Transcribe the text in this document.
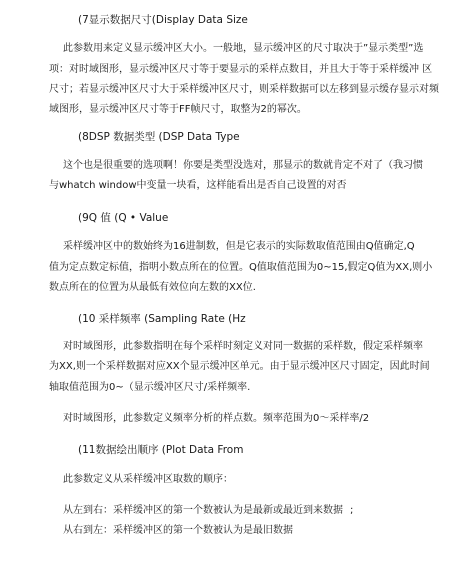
(7显示数据尺寸(Display Data Size
此参数用来定义显示缓冲区大小。一般地，显示缓冲区的尺寸取决于”显示类型”选
项：对时域图形，显示缓冲区尺寸等于要显示的采样点数目，并且大于等于采样缓冲 区
尺寸；若显示缓冲区尺寸大于采样缓冲区尺寸，则采样数据可以左移到显示缓存显示对频
域图形，显示缓冲区尺寸等于FF帧尺寸，取整为2的幂次。
(8DSP 数据类型 (DSP Data Type
这个也是很重要的选项啊！你要是类型没选对，那显示的数就肯定不对了（我习惯
与whatch window中变量一块看，这样能看出是否自己设置的对否
(9Q 值 (Q • Value
采样缓冲区中的数始终为16进制数，但是它表示的实际数取值范围由Q值确定,Q
值为定点数定标值，指明小数点所在的位置。Q值取值范围为0~15,假定Q值为XX,则小
数点所在的位置为从最低有效位向左数的XX位.
(10 采样频率 (Sampling Rate (Hz
对时域图形，此参数指明在每个采样时刻定义对同一数据的采样数，假定采样频率
为XX,则一个采样数据对应XX个显示缓冲区单元。由于显示缓冲区尺寸固定，因此时间
轴取值范围为0~（显示缓冲区尺寸/采样频率.
对时域图形，此参数定义频率分析的样点数。频率范围为0～采样率/2
(11数据绘出顺序 (Plot Data From
此参数定义从采样缓冲区取数的顺序：
从左到右：采样缓冲区的第一个数被认为是最新或最近到来数据 ;
从右到左：采样缓冲区的第一个数被认为是最旧数据
